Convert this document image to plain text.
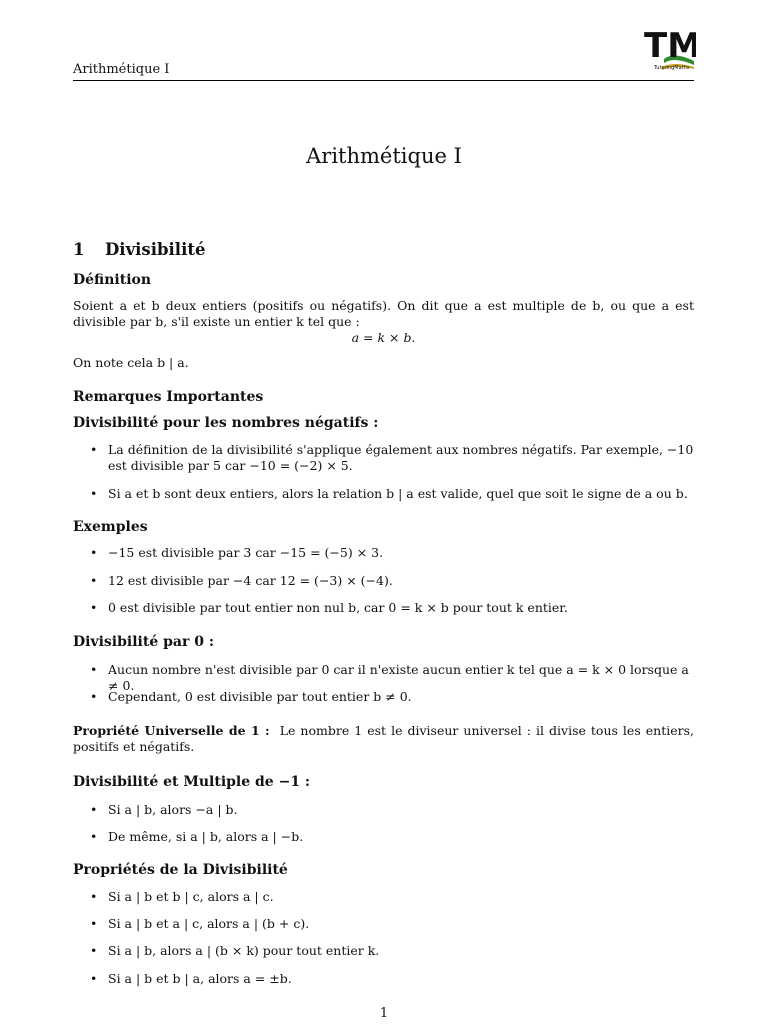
Arithmétique I
TM
TutoringMaths
Arithmétique I
1 Divisibilité
Définition
Soient a et b deux entiers (positifs ou négatifs). On dit que a est multiple de b, ou que a est divisible par b, s'il existe un entier k tel que :
a = k × b.
On note cela b | a.
Remarques Importantes
Divisibilité pour les nombres négatifs :
• La définition de la divisibilité s'applique également aux nombres négatifs. Par exemple, −10 est divisible par 5 car −10 = (−2) × 5.
• Si a et b sont deux entiers, alors la relation b | a est valide, quel que soit le signe de a ou b.
Exemples
• −15 est divisible par 3 car −15 = (−5) × 3.
• 12 est divisible par −4 car 12 = (−3) × (−4).
• 0 est divisible par tout entier non nul b, car 0 = k × b pour tout k entier.
Divisibilité par 0 :
• Aucun nombre n'est divisible par 0 car il n'existe aucun entier k tel que a = k × 0 lorsque a ≠ 0.
• Cependant, 0 est divisible par tout entier b ≠ 0.
Propriété Universelle de 1 : Le nombre 1 est le diviseur universel : il divise tous les entiers, positifs et négatifs.
Divisibilité et Multiple de −1 :
• Si a | b, alors −a | b.
• De même, si a | b, alors a | −b.
Propriétés de la Divisibilité
• Si a | b et b | c, alors a | c.
• Si a | b et a | c, alors a | (b + c).
• Si a | b, alors a | (b × k) pour tout entier k.
• Si a | b et b | a, alors a = ±b.
1
